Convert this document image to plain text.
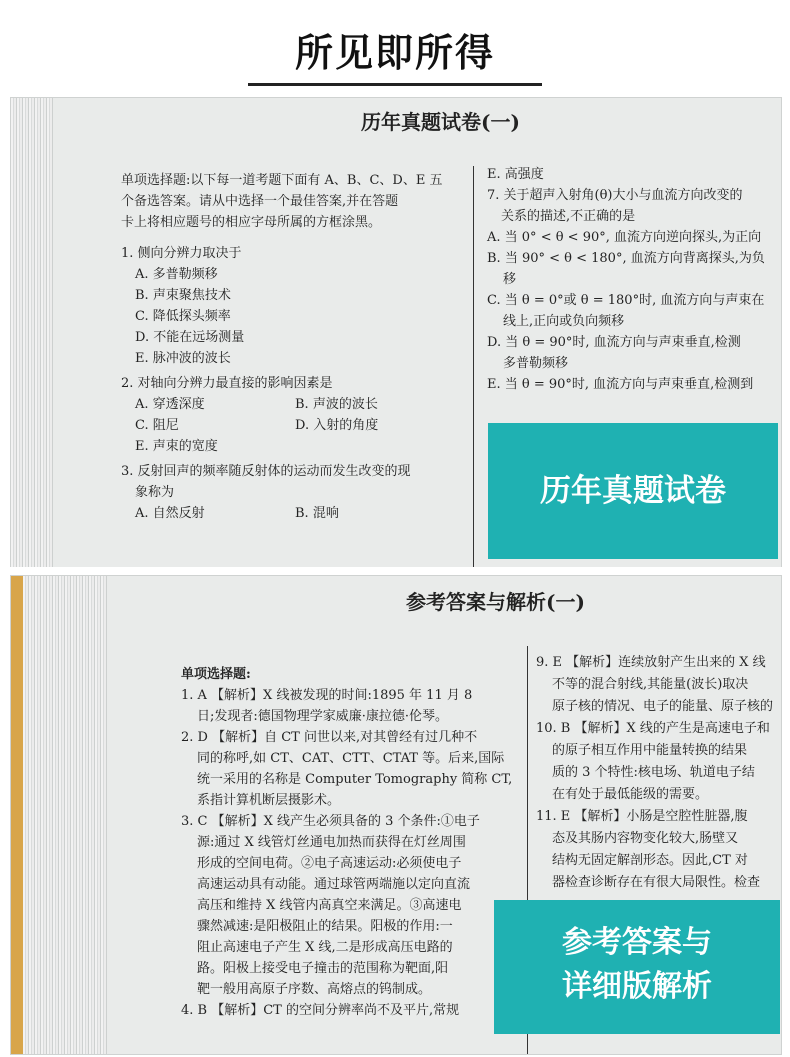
所见即所得
历年真题试卷(一)
单项选择题:以下每一道考题下面有 A、B、C、D、E 五
个备选答案。请从中选择一个最佳答案,并在答题
卡上将相应题号的相应字母所属的方框涂黑。
1. 侧向分辨力取决于
A. 多普勒频移
B. 声束聚焦技术
C. 降低探头频率
D. 不能在远场测量
E. 脉冲波的波长
2. 对轴向分辨力最直接的影响因素是
A. 穿透深度	B. 声波的波长
C. 阻尼	D. 入射的角度
E. 声束的宽度
3. 反射回声的频率随反射体的运动而发生改变的现
象称为
A. 自然反射	B. 混响
E. 高强度
7. 关于超声入射角(θ)大小与血流方向改变的
关系的描述,不正确的是
A. 当 0° < θ < 90°, 血流方向逆向探头,为正向
B. 当 90° < θ < 180°, 血流方向背离探头,为负
移
C. 当 θ = 0°或 θ = 180°时, 血流方向与声束在
线上,正向或负向频移
D. 当 θ = 90°时, 血流方向与声束垂直,检测
多普勒频移
E. 当 θ = 90°时, 血流方向与声束垂直,检测到
历年真题试卷
参考答案与解析(一)
单项选择题:
1. A 【解析】X 线被发现的时间:1895 年 11 月 8
日;发现者:德国物理学家威廉·康拉德·伦琴。
2. D 【解析】自 CT 问世以来,对其曾经有过几种不
同的称呼,如 CT、CAT、CTT、CTAT 等。后来,国际
统一采用的名称是 Computer Tomography 简称 CT,
系指计算机断层摄影术。
3. C 【解析】X 线产生必须具备的 3 个条件:①电子
源:通过 X 线管灯丝通电加热而获得在灯丝周围
形成的空间电荷。②电子高速运动:必须使电子
高速运动具有动能。通过球管两端施以定向直流
高压和维持 X 线管内高真空来满足。③高速电
骤然减速:是阳极阻止的结果。阳极的作用:一
阻止高速电子产生 X 线,二是形成高压电路的
路。阳极上接受电子撞击的范围称为靶面,阳
靶一般用高原子序数、高熔点的钨制成。
4. B 【解析】CT 的空间分辨率尚不及平片,常规
9. E 【解析】连续放射产生出来的 X 线
不等的混合射线,其能量(波长)取决
原子核的情况、电子的能量、原子核的
10. B 【解析】X 线的产生是高速电子和
的原子相互作用中能量转换的结果
质的 3 个特性:核电场、轨道电子结
在有处于最低能级的需要。
11. E 【解析】小肠是空腔性脏器,腹
态及其肠内容物变化较大,肠壁又
结构无固定解剖形态。因此,CT 对
器检查诊断存在有很大局限性。检查
参考答案与
详细版解析
